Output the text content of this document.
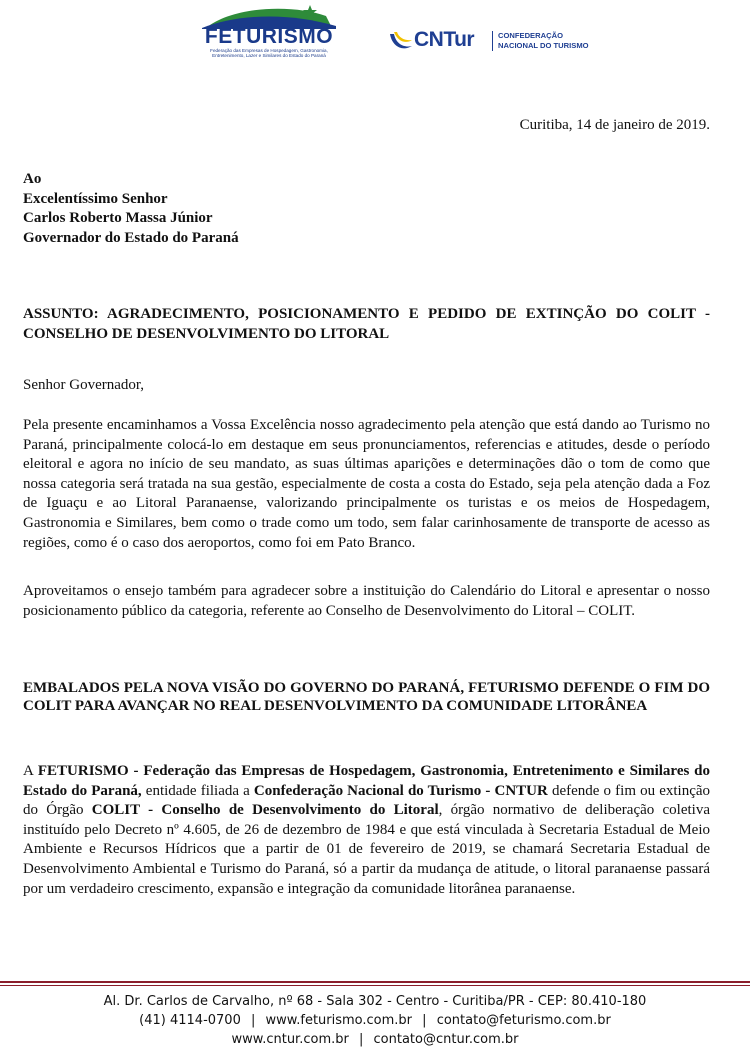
FETURISMO
Federação das Empresas de Hospedagem, Gastronomia,
Entretenimento, Lazer e Similares do Estado do Paraná
CNTur	CONFEDERAÇÃO
NACIONAL DO TURISMO
Curitiba, 14 de janeiro de 2019.
Ao
Excelentíssimo Senhor
Carlos Roberto Massa Júnior
Governador do Estado do Paraná
ASSUNTO: AGRADECIMENTO, POSICIONAMENTO E PEDIDO DE EXTINÇÃO DO COLIT - CONSELHO DE DESENVOLVIMENTO DO LITORAL
Senhor Governador,

Pela presente encaminhamos a Vossa Excelência nosso agradecimento pela atenção que está dando ao Turismo no Paraná, principalmente colocá-lo em destaque em seus pronunciamentos, referencias e atitudes, desde o período eleitoral e agora no início de seu mandato, as suas últimas aparições e determinações dão o tom de como que nossa categoria será tratada na sua gestão, especialmente de costa a costa do Estado, seja pela atenção dada a Foz de Iguaçu e ao Litoral Paranaense, valorizando principalmente os turistas e os meios de Hospedagem, Gastronomia e Similares, bem como o trade como um todo, sem falar carinhosamente de transporte de acesso as regiões, como é o caso dos aeroportos, como foi em Pato Branco.

Aproveitamos o ensejo também para agradecer sobre a instituição do Calendário do Litoral e apresentar o nosso posicionamento público da categoria, referente ao Conselho de Desenvolvimento do Litoral – COLIT.

EMBALADOS PELA NOVA VISÃO DO GOVERNO DO PARANÁ, FETURISMO DEFENDE O FIM DO COLIT PARA AVANÇAR NO REAL DESENVOLVIMENTO DA COMUNIDADE LITORÂNEA

A FETURISMO - Federação das Empresas de Hospedagem, Gastronomia, Entretenimento e Similares do Estado do Paraná, entidade filiada a Confederação Nacional do Turismo - CNTUR defende o fim ou extinção do Órgão COLIT - Conselho de Desenvolvimento do Litoral, órgão normativo de deliberação coletiva instituído pelo Decreto nº 4.605, de 26 de dezembro de 1984 e que está vinculada à Secretaria Estadual de Meio Ambiente e Recursos Hídricos que a partir de 01 de fevereiro de 2019, se chamará Secretaria Estadual de Desenvolvimento Ambiental e Turismo do Paraná, só a partir da mudança de atitude, o litoral paranaense passará por um verdadeiro crescimento, expansão e integração da comunidade litorânea paranaense.

Al. Dr. Carlos de Carvalho, nº 68 - Sala 302 - Centro - Curitiba/PR - CEP: 80.410-180
(41) 4114-0700 | www.feturismo.com.br | contato@feturismo.com.br
www.cntur.com.br | contato@cntur.com.br
